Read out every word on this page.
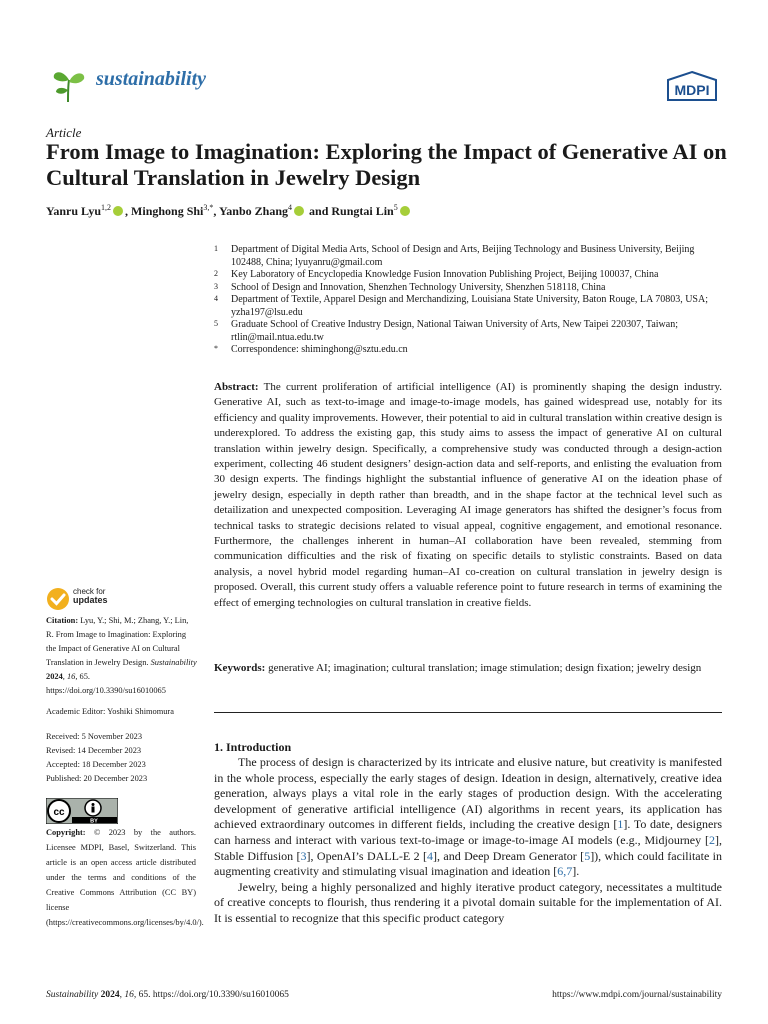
sustainability	MDPI
Article
From Image to Imagination: Exploring the Impact of Generative AI on Cultural Translation in Jewelry Design
Yanru Lyu$^{1,2}$ , Minghong Shi$^{3,*}$, Yanbo Zhang$^4$ and Rungtai Lin$^5$
1	Department of Digital Media Arts, School of Design and Arts, Beijing Technology and Business University, Beijing 102488, China; lyuyanru@gmail.com
2	Key Laboratory of Encyclopedia Knowledge Fusion Innovation Publishing Project, Beijing 100037, China
3	School of Design and Innovation, Shenzhen Technology University, Shenzhen 518118, China
4	Department of Textile, Apparel Design and Merchandizing, Louisiana State University, Baton Rouge, LA 70803, USA; yzha197@lsu.edu
5	Graduate School of Creative Industry Design, National Taiwan University of Arts, New Taipei 220307, Taiwan; rtlin@mail.ntua.edu.tw
*	Correspondence: shiminghong@sztu.edu.cn
Abstract: The current proliferation of artificial intelligence (AI) is prominently shaping the design industry. Generative AI, such as text-to-image and image-to-image models, has gained widespread use, notably for its efficiency and quality improvements. However, their potential to aid in cultural translation within creative design is underexplored. To address the existing gap, this study aims to assess the impact of generative AI on cultural translation within jewelry design. Specifically, a comprehensive study was conducted through a design-action experiment, collecting 46 student designers’ design-action data and self-reports, and enlisting the evaluation from 30 design experts. The findings highlight the substantial influence of generative AI on the ideation phase of jewelry design, especially in depth rather than breadth, and in the shape factor at the technical level such as detailization and unexpected composition. Leveraging AI image generators has shifted the designer’s focus from technical tasks to strategic decisions related to visual appeal, cognitive engagement, and emotional resonance. Furthermore, the challenges inherent in human–AI collaboration have been revealed, stemming from communication difficulties and the risk of fixating on specific details to stylistic constraints. Based on data analysis, a novel hybrid model regarding human–AI co-creation on cultural translation in jewelry design is proposed. Overall, this current study offers a valuable reference point to future research in terms of examining the effect of emerging technologies on cultural translation in creative fields.
Keywords: generative AI; imagination; cultural translation; image stimulation; design fixation; jewelry design
check for
updates
Citation: Lyu, Y.; Shi, M.; Zhang, Y.; Lin, R. From Image to Imagination: Exploring the Impact of Generative AI on Cultural Translation in Jewelry Design. Sustainability 2024, 16, 65. https://doi.org/10.3390/su16010065
Academic Editor: Yoshiki Shimomura
Received: 5 November 2023
Revised: 14 December 2023
Accepted: 18 December 2023
Published: 20 December 2023
cc
BY
Copyright: © 2023 by the authors. Licensee MDPI, Basel, Switzerland. This article is an open access article distributed under the terms and conditions of the Creative Commons Attribution (CC BY) license (https://creativecommons.org/licenses/by/4.0/).
1. Introduction

The process of design is characterized by its intricate and elusive nature, but creativity is manifested in the whole process, especially the early stages of design. Ideation in design, alternatively, creative idea generation, always plays a vital role in the early stages of production design. With the accelerating development of generative artificial intelligence (AI) algorithms in recent years, its application has achieved extraordinary outcomes in different fields, including the creative design [1]. To date, designers can harness and interact with various text-to-image or image-to-image AI models (e.g., Midjourney [2], Stable Diffusion [3], OpenAI’s DALL-E 2 [4], and Deep Dream Generator [5]), which could facilitate in augmenting creativity and stimulating visual imagination and ideation [6,7].

Jewelry, being a highly personalized and highly iterative product category, necessitates a multitude of creative concepts to flourish, thus rendering it a pivotal domain suitable for the implementation of AI. It is essential to recognize that this specific product category

Sustainability 2024, 16, 65. https://doi.org/10.3390/su16010065	https://www.mdpi.com/journal/sustainability
